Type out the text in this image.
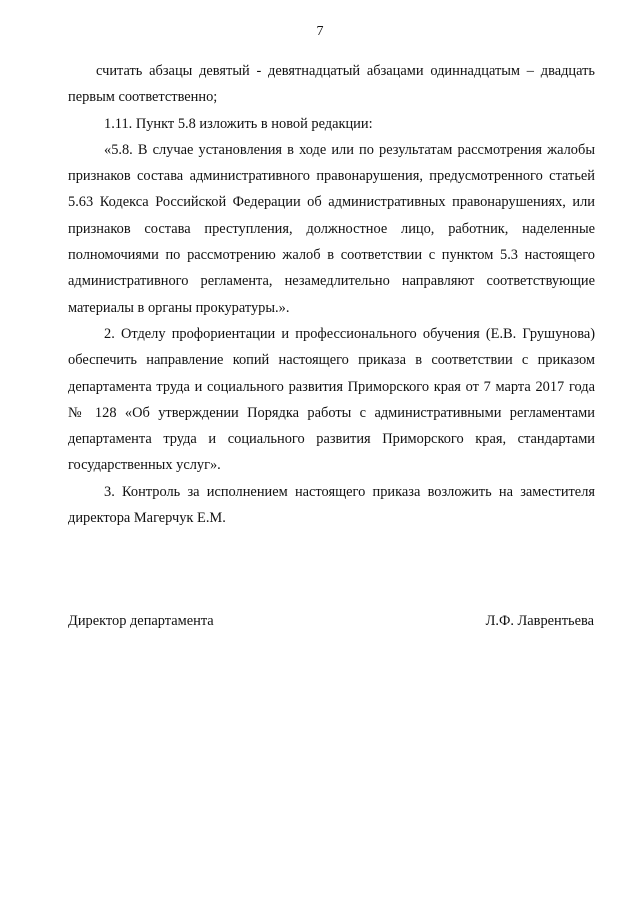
7

считать абзацы девятый - девятнадцатый абзацами одиннадцатым – двадцать первым соответственно;

1.11. Пункт 5.8 изложить в новой редакции:

«5.8. В случае установления в ходе или по результатам рассмотрения жалобы признаков состава административного правонарушения, предусмотренного статьей 5.63 Кодекса Российской Федерации об административных правонарушениях, или признаков состава преступления, должностное лицо, работник, наделенные полномочиями по рассмотрению жалоб в соответствии с пунктом 5.3 настоящего административного регламента, незамедлительно направляют соответствующие материалы в органы прокуратуры.».

2. Отделу профориентации и профессионального обучения (Е.В. Грушунова) обеспечить направление копий настоящего приказа в соответствии с приказом департамента труда и социального развития Приморского края от 7 марта 2017 года № 128 «Об утверждении Порядка работы с административными регламентами департамента труда и социального развития Приморского края, стандартами государственных услуг».

3. Контроль за исполнением настоящего приказа возложить на заместителя директора Магерчук Е.М.

Директор департамента	Л.Ф. Лаврентьева
